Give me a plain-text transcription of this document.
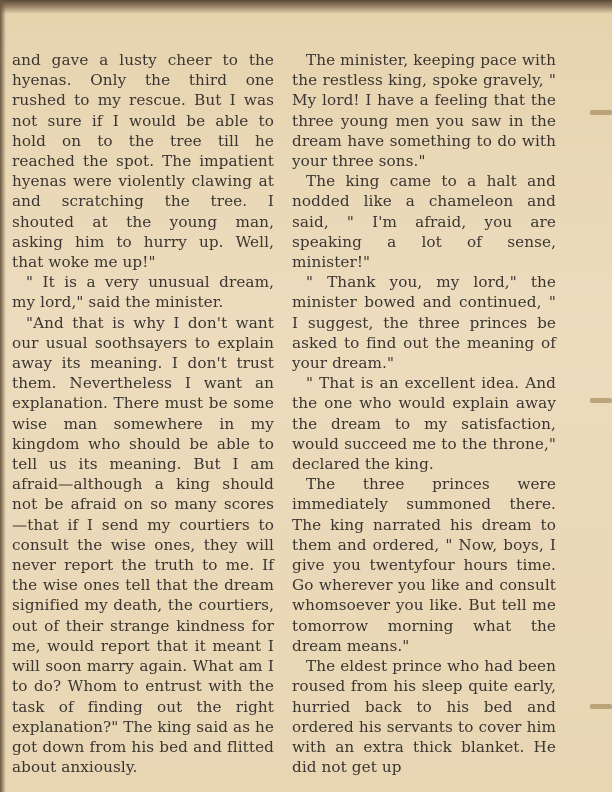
and gave a lusty cheer to the hyenas. Only the third one rushed to my rescue. But I was not sure if I would be able to hold on to the tree till he reached the spot. The impatient hyenas were violently clawing at and scratching the tree. I shouted at the young man, asking him to hurry up. Well, that woke me up!"

" It is a very unusual dream, my lord," said the minister.

"And that is why I don't want our usual soothsayers to explain away its meaning. I don't trust them. Nevertheless I want an explanation. There must be some wise man somewhere in my kingdom who should be able to tell us its meaning. But I am afraid—although a king should not be afraid on so many scores—that if I send my courtiers to consult the wise ones, they will never report the truth to me. If the wise ones tell that the dream signified my death, the courtiers, out of their strange kindness for me, would report that it meant I will soon marry again. What am I to do? Whom to entrust with the task of finding out the right explanation?" The king said as he got down from his bed and flitted about anxiously.

The minister, keeping pace with the restless king, spoke gravely, " My lord! I have a feeling that the three young men you saw in the dream have something to do with your three sons."

The king came to a halt and nodded like a chameleon and said, " I'm afraid, you are speaking a lot of sense, minister!"

" Thank you, my lord," the minister bowed and continued, " I suggest, the three princes be asked to find out the meaning of your dream."

" That is an excellent idea. And the one who would explain away the dream to my satisfaction, would succeed me to the throne," declared the king.

The three princes were immediately summoned there. The king narrated his dream to them and ordered, " Now, boys, I give you twentyfour hours time. Go wherever you like and consult whomsoever you like. But tell me tomorrow morning what the dream means."

The eldest prince who had been roused from his sleep quite early, hurried back to his bed and ordered his servants to cover him with an extra thick blanket. He did not get up
